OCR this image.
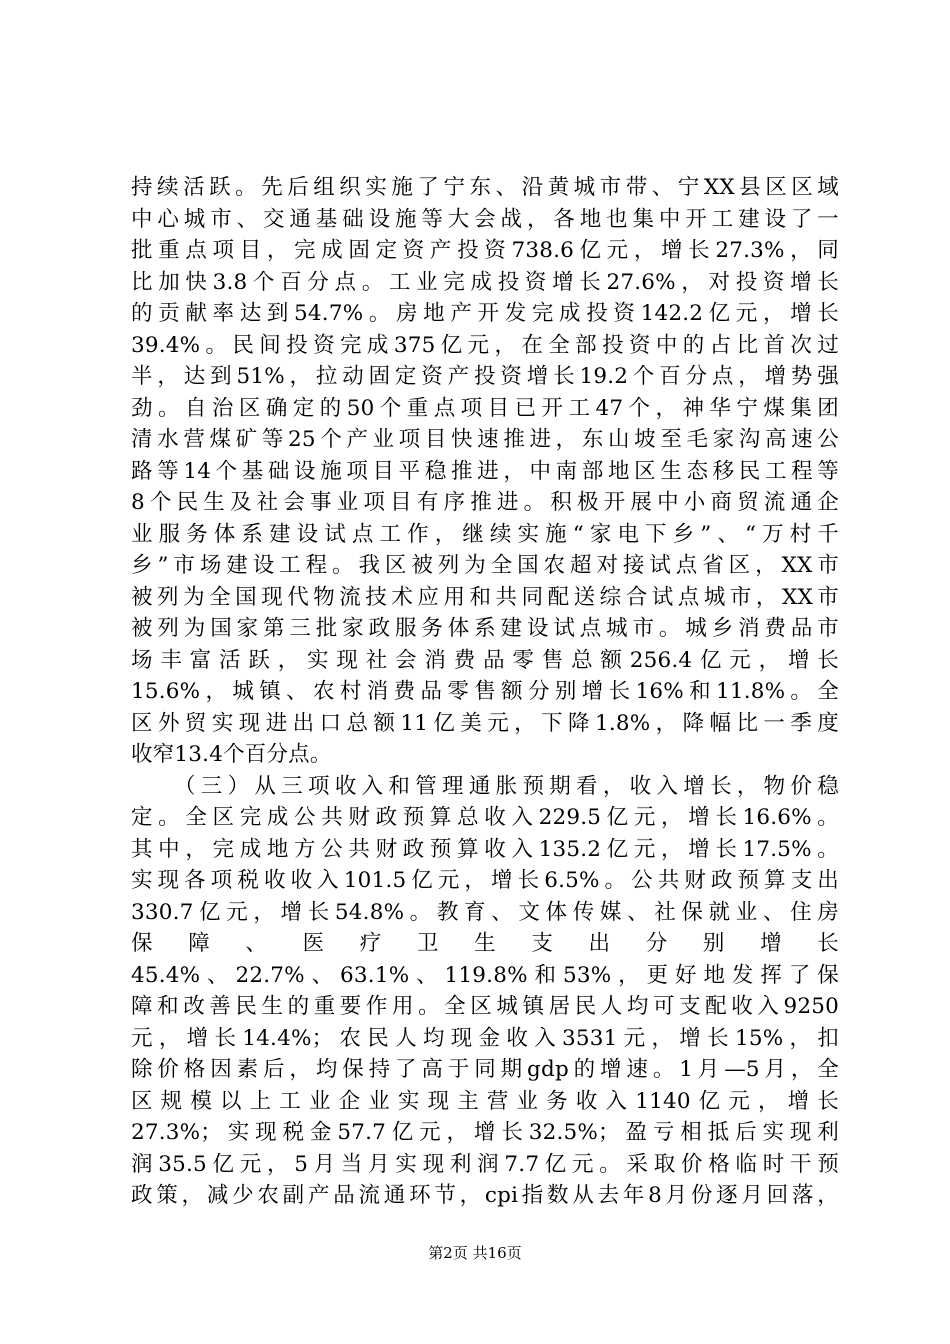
持续活跃。先后组织实施了宁东、沿黄城市带、宁XX县区区域
中心城市、交通基础设施等大会战，各地也集中开工建设了一
批重点项目，完成固定资产投资738.6亿元，增长27.3%，同
比加快3.8个百分点。工业完成投资增长27.6%，对投资增长
的贡献率达到54.7%。房地产开发完成投资142.2亿元，增长
39.4%。民间投资完成375亿元，在全部投资中的占比首次过
半，达到51%，拉动固定资产投资增长19.2个百分点，增势强
劲。自治区确定的50个重点项目已开工47个，神华宁煤集团
清水营煤矿等25个产业项目快速推进，东山坡至毛家沟高速公
路等14个基础设施项目平稳推进，中南部地区生态移民工程等
8个民生及社会事业项目有序推进。积极开展中小商贸流通企
业服务体系建设试点工作，继续实施“家电下乡”、“万村千
乡”市场建设工程。我区被列为全国农超对接试点省区，XX市
被列为全国现代物流技术应用和共同配送综合试点城市，XX市
被列为国家第三批家政服务体系建设试点城市。城乡消费品市
场丰富活跃，实现社会消费品零售总额256.4亿元，增长
15.6%，城镇、农村消费品零售额分别增长16%和11.8%。全
区外贸实现进出口总额11亿美元，下降1.8%，降幅比一季度
收窄13.4个百分点。
（三）从三项收入和管理通胀预期看，收入增长，物价稳
定。全区完成公共财政预算总收入229.5亿元，增长16.6%。
其中，完成地方公共财政预算收入135.2亿元，增长17.5%。
实现各项税收收入101.5亿元，增长6.5%。公共财政预算支出
330.7亿元，增长54.8%。教育、文体传媒、社保就业、住房
保障、医疗卫生支出分别增长
45.4%、22.7%、63.1%、119.8%和53%，更好地发挥了保
障和改善民生的重要作用。全区城镇居民人均可支配收入9250
元，增长14.4%；农民人均现金收入3531元，增长15%，扣
除价格因素后，均保持了高于同期gdp的增速。1月—5月，全
区规模以上工业企业实现主营业务收入1140亿元，增长
27.3%；实现税金57.7亿元，增长32.5%；盈亏相抵后实现利
润35.5亿元，5月当月实现利润7.7亿元。采取价格临时干预
政策，减少农副产品流通环节，cpi指数从去年8月份逐月回落，
第2页 共16页
